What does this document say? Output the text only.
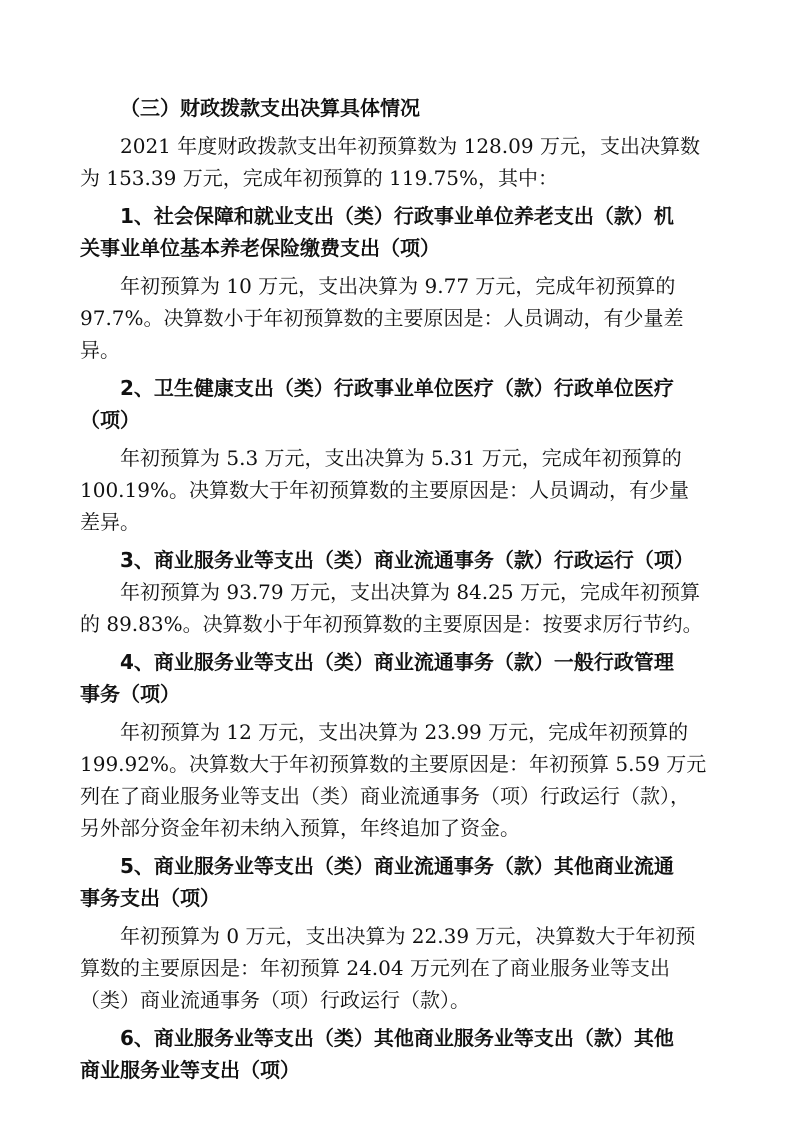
（三）财政拨款支出决算具体情况
2021 年度财政拨款支出年初预算数为 128.09 万元，支出决算数
为 153.39 万元，完成年初预算的 119.75%，其中：
1、社会保障和就业支出（类）行政事业单位养老支出（款）机
关事业单位基本养老保险缴费支出（项）
年初预算为 10 万元，支出决算为 9.77 万元，完成年初预算的
97.7%。决算数小于年初预算数的主要原因是：人员调动，有少量差
异。
2、卫生健康支出（类）行政事业单位医疗（款）行政单位医疗
（项）
年初预算为 5.3 万元，支出决算为 5.31 万元，完成年初预算的
100.19%。决算数大于年初预算数的主要原因是：人员调动，有少量
差异。
3、商业服务业等支出（类）商业流通事务（款）行政运行（项）
年初预算为 93.79 万元，支出决算为 84.25 万元，完成年初预算
的 89.83%。决算数小于年初预算数的主要原因是：按要求厉行节约。
4、商业服务业等支出（类）商业流通事务（款）一般行政管理
事务（项）
年初预算为 12 万元，支出决算为 23.99 万元，完成年初预算的
199.92%。决算数大于年初预算数的主要原因是：年初预算 5.59 万元
列在了商业服务业等支出（类）商业流通事务（项）行政运行（款），
另外部分资金年初未纳入预算，年终追加了资金。
5、商业服务业等支出（类）商业流通事务（款）其他商业流通
事务支出（项）
年初预算为 0 万元，支出决算为 22.39 万元，决算数大于年初预
算数的主要原因是：年初预算 24.04 万元列在了商业服务业等支出
（类）商业流通事务（项）行政运行（款）。
6、商业服务业等支出（类）其他商业服务业等支出（款）其他
商业服务业等支出（项）
